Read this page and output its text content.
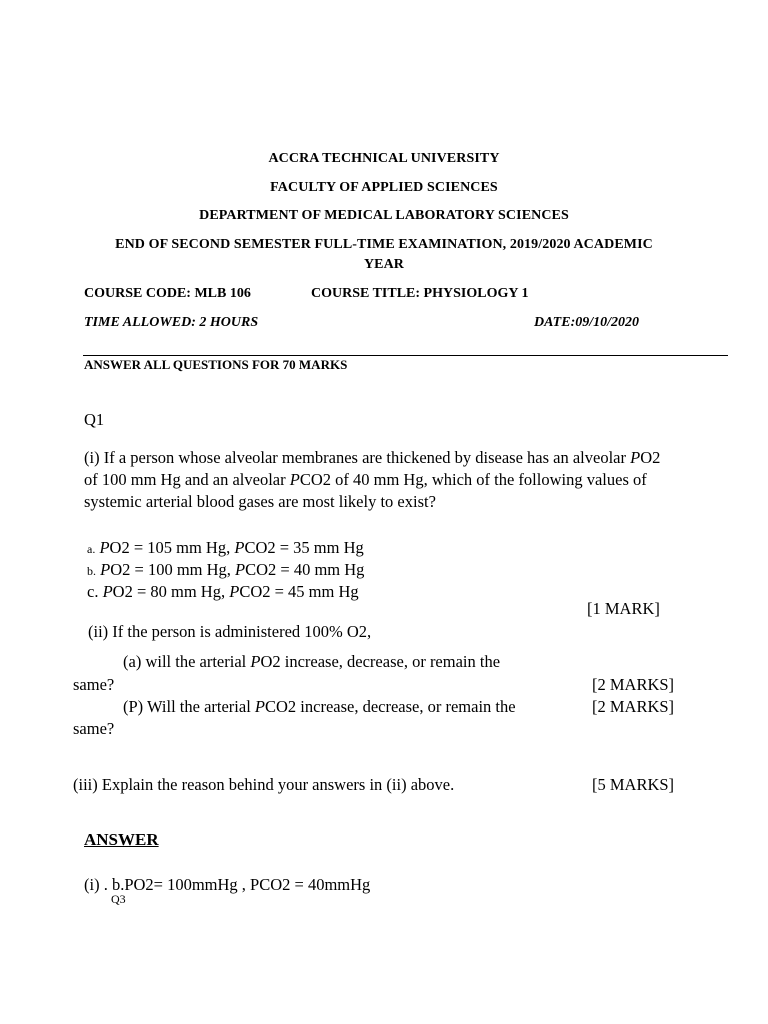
ACCRA TECHNICAL UNIVERSITY
FACULTY OF APPLIED SCIENCES
DEPARTMENT OF MEDICAL LABORATORY SCIENCES
END OF SECOND SEMESTER FULL-TIME EXAMINATION, 2019/2020 ACADEMIC
YEAR
COURSE CODE: MLB 106	COURSE TITLE: PHYSIOLOGY 1
TIME ALLOWED: 2 HOURS	DATE:09/10/2020
ANSWER ALL QUESTIONS FOR 70 MARKS
Q1
(i) If a person whose alveolar membranes are thickened by disease has an alveolar PO2
of 100 mm Hg and an alveolar PCO2 of 40 mm Hg, which of the following values of
systemic arterial blood gases are most likely to exist?
a. PO2 = 105 mm Hg, PCO2 = 35 mm Hg
b. PO2 = 100 mm Hg, PCO2 = 40 mm Hg
c. PO2 = 80 mm Hg, PCO2 = 45 mm Hg
[1 MARK]
(ii) If the person is administered 100% O2,
(a) will the arterial PO2 increase, decrease, or remain the
same?	[2 MARKS]
(P) Will the arterial PCO2 increase, decrease, or remain the	[2 MARKS]
same?
(iii) Explain the reason behind your answers in (ii) above.	[5 MARKS]
ANSWER
(i) . b.PO2= 100mmHg , PCO2 = 40mmHg
Q3
